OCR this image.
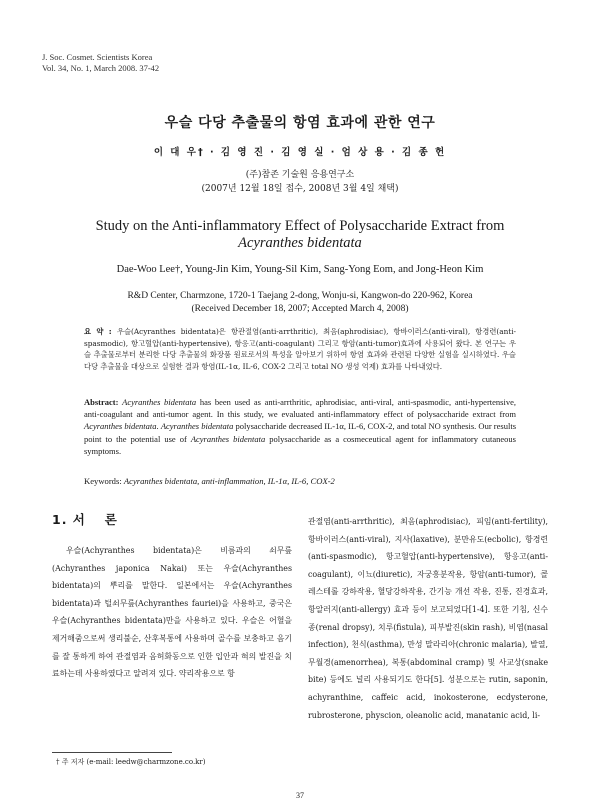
J. Soc. Cosmet. Scientists Korea
Vol. 34, No. 1, March 2008. 37-42
우슬 다당 추출물의 항염 효과에 관한 연구
이 대 우† · 김 영 진 · 김 영 실 · 엄 상 용 · 김 종 헌
(주)참존 기술원 응용연구소
(2007년 12월 18일 접수, 2008년 3월 4일 채택)
Study on the Anti-inflammatory Effect of Polysaccharide Extract from
Acyranthes bidentata
Dae-Woo Lee†, Young-Jin Kim, Young-Sil Kim, Sang-Yong Eom, and Jong-Heon Kim
R&D Center, Charmzone, 1720-1 Taejang 2-dong, Wonju-si, Kangwon-do 220-962, Korea
(Received December 18, 2007; Accepted March 4, 2008)
요 약 : 우슬(Acyranthes bidentata)은 항관절염(anti-arrthritic), 최음(aphrodisiac), 항바이러스(anti-viral), 항경련(anti-spasmodic), 항고혈압(anti-hypertensive), 항응고(anti-coagulant) 그리고 항암(anti-tumor)효과에 사용되어 왔다. 본 연구는 우슬 추출물로부터 분리한 다당 추출물의 화장품 원료로서의 특성을 알아보기 위하여 항염 효과와 관련된 다양한 실험을 실시하였다. 우슬 다당 추출물을 대상으로 실험한 결과 항염(IL-1α, IL-6, COX-2 그리고 total NO 생성 억제) 효과를 나타내었다.
Abstract: Acyranthes bidentata has been used as anti-arrthritic, aphrodisiac, anti-viral, anti-spasmodic, anti-hypertensive, anti-coagulant and anti-tumor agent. In this study, we evaluated anti-inflammatory effect of polysaccharide extract from Acyranthes bidentata. Acyranthes bidentata polysaccharide decreased IL-1α, IL-6, COX-2, and total NO synthesis. Our results point to the potential use of Acyranthes bidentata polysaccharide as a cosmeceutical agent for inflammatory cutaneous symptoms.
Keywords: Acyranthes bidentata, anti-inflammation, IL-1α, IL-6, COX-2
1. 서　 론
우슬(Achyranthes bidentata)은 비름과의 쇠무릎(Achyranthes japonica Nakai) 또는 우슬(Achyranthes bidentata)의 뿌리를 말한다. 일본에서는 우슬(Achyranthes bidentata)과 털쇠무릎(Achyranthes fauriei)을 사용하고, 중국은 우슬(Achyranthes bidentata)만을 사용하고 있다. 우슬은 어혈을 제거해줌으로써 생리불순, 산후복통에 사용하며 골수를 보충하고 음기를 잘 통하게 하여 관절염과 음허화동으로 인한 입안과 혀의 발진을 치료하는데 사용하였다고 알려져 있다. 약리작용으로 항
관절염(anti-arrthritic), 최음(aphrodisiac), 피임(anti-fertility), 항바이러스(anti-viral), 지사(laxative), 분만유도(ecbolic), 항경련(anti-spasmodic), 항고혈압(anti-hypertensive), 항응고(anti-coagulant), 이뇨(diuretic), 자궁흥분작용, 항암(anti-tumor), 콜레스테롤 강하작용, 혈당강하작용, 간기능 개선 작용, 진통, 진경효과, 항알러지(anti-allergy) 효과 등이 보고되었다[1-4]. 또한 기침, 신수종(renal dropsy), 치루(fistula), 피부발진(skin rash), 비염(nasal infection), 천식(asthma), 만성 말라리아(chronic malaria), 발열, 무월경(amenorrhea), 복통(abdominal cramp) 및 사교상(snake bite) 등에도 널리 사용되기도 한다[5]. 성분으로는 rutin, saponin, achyranthine, caffeic acid, inokosterone, ecdysterone, rubrosterone, physcion, oleanolic acid, manatanic acid, li-
† 주 저자 (e-mail: leedw@charmzone.co.kr)
37
